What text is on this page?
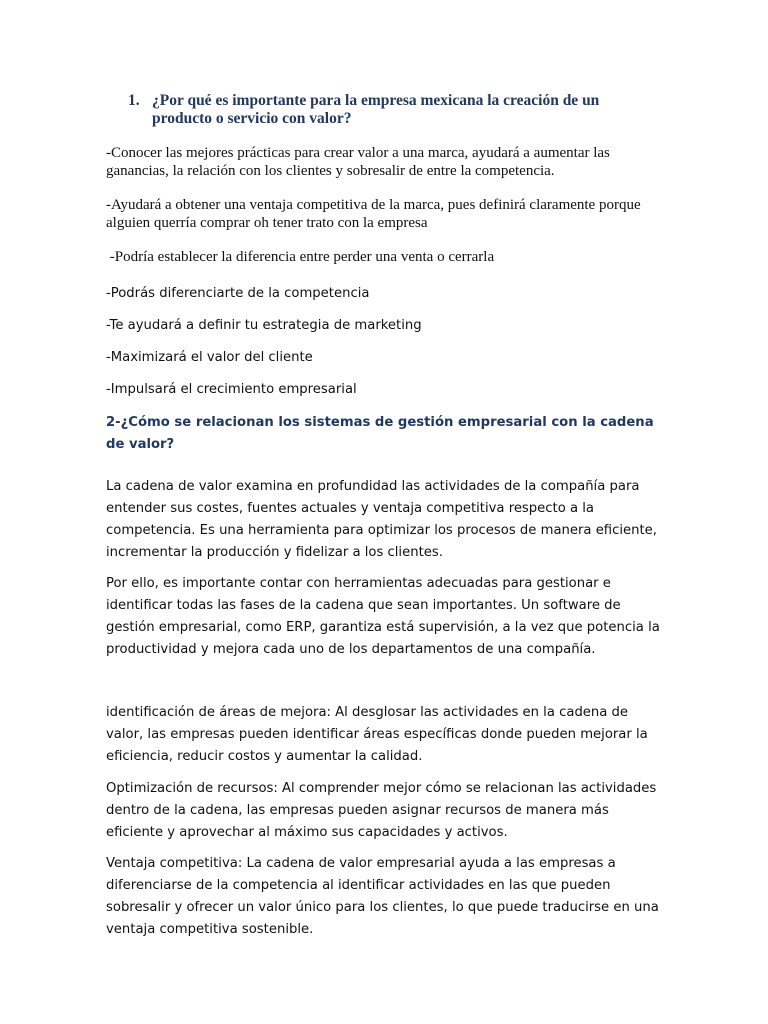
1. ¿Por qué es importante para la empresa mexicana la creación de un producto o servicio con valor?

-Conocer las mejores prácticas para crear valor a una marca, ayudará a aumentar las ganancias, la relación con los clientes y sobresalir de entre la competencia.

-Ayudará a obtener una ventaja competitiva de la marca, pues definirá claramente porque alguien querría comprar oh tener trato con la empresa

-Podría establecer la diferencia entre perder una venta o cerrarla

-Podrás diferenciarte de la competencia

-Te ayudará a definir tu estrategia de marketing

-Maximizará el valor del cliente

-Impulsará el crecimiento empresarial

2-¿Cómo se relacionan los sistemas de gestión empresarial con la cadena de valor?

La cadena de valor examina en profundidad las actividades de la compañía para entender sus costes, fuentes actuales y ventaja competitiva respecto a la competencia. Es una herramienta para optimizar los procesos de manera eficiente, incrementar la producción y fidelizar a los clientes.

Por ello, es importante contar con herramientas adecuadas para gestionar e identificar todas las fases de la cadena que sean importantes. Un software de gestión empresarial, como ERP, garantiza está supervisión, a la vez que potencia la productividad y mejora cada uno de los departamentos de una compañía.

identificación de áreas de mejora: Al desglosar las actividades en la cadena de valor, las empresas pueden identificar áreas específicas donde pueden mejorar la eficiencia, reducir costos y aumentar la calidad.

Optimización de recursos: Al comprender mejor cómo se relacionan las actividades dentro de la cadena, las empresas pueden asignar recursos de manera más eficiente y aprovechar al máximo sus capacidades y activos.

Ventaja competitiva: La cadena de valor empresarial ayuda a las empresas a diferenciarse de la competencia al identificar actividades en las que pueden sobresalir y ofrecer un valor único para los clientes, lo que puede traducirse en una ventaja competitiva sostenible.
